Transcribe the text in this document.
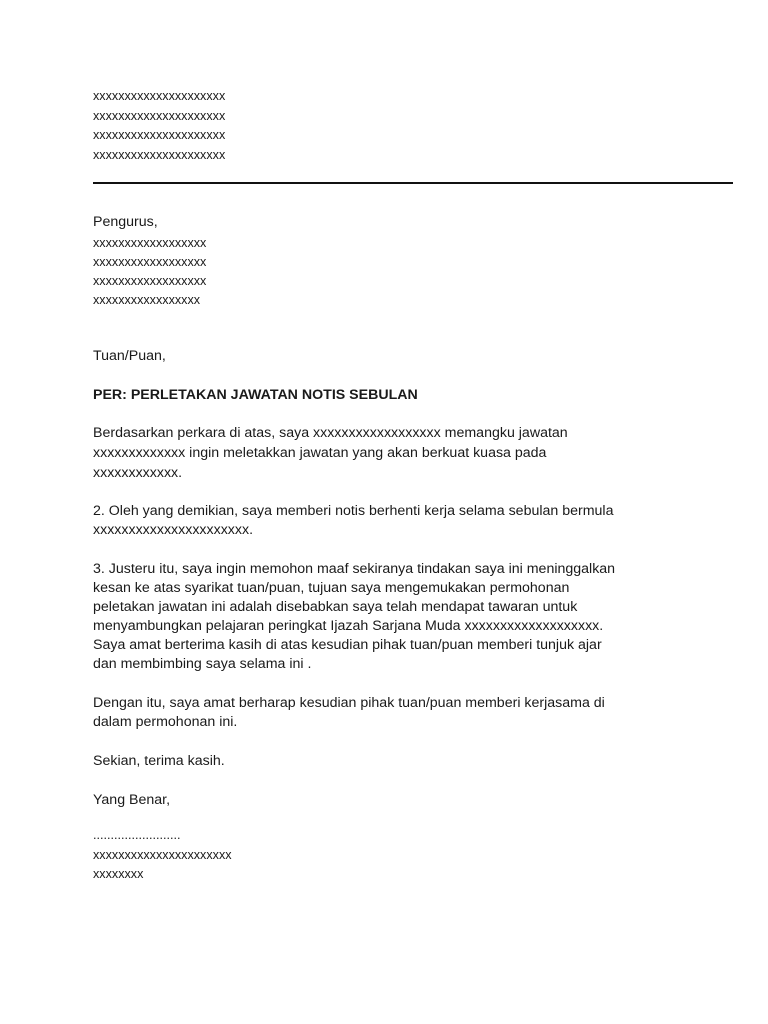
xxxxxxxxxxxxxxxxxxxxx
xxxxxxxxxxxxxxxxxxxxx
xxxxxxxxxxxxxxxxxxxxx
xxxxxxxxxxxxxxxxxxxxx
Pengurus,
xxxxxxxxxxxxxxxxxx
xxxxxxxxxxxxxxxxxx
xxxxxxxxxxxxxxxxxx
xxxxxxxxxxxxxxxxx
Tuan/Puan,
PER: PERLETAKAN JAWATAN NOTIS SEBULAN
Berdasarkan perkara di atas, saya xxxxxxxxxxxxxxxxxx memangku jawatan
xxxxxxxxxxxxx ingin meletakkan jawatan yang akan berkuat kuasa pada
xxxxxxxxxxxx.
2. Oleh yang demikian, saya memberi notis berhenti kerja selama sebulan bermula
xxxxxxxxxxxxxxxxxxxxxx.
3. Justeru itu, saya ingin memohon maaf sekiranya tindakan saya ini meninggalkan
kesan ke atas syarikat tuan/puan, tujuan saya mengemukakan permohonan
peletakan jawatan ini adalah disebabkan saya telah mendapat tawaran untuk
menyambungkan pelajaran peringkat Ijazah Sarjana Muda xxxxxxxxxxxxxxxxxxx.
Saya amat berterima kasih di atas kesudian pihak tuan/puan memberi tunjuk ajar
dan membimbing saya selama ini .
Dengan itu, saya amat berharap kesudian pihak tuan/puan memberi kerjasama di
dalam permohonan ini.
Sekian, terima kasih.
Yang Benar,
.........................
xxxxxxxxxxxxxxxxxxxxxx
xxxxxxxx
